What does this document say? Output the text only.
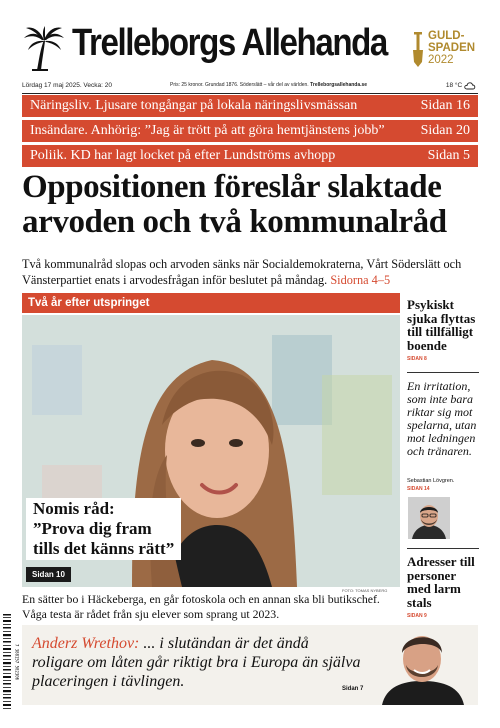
Trelleborgs Allehanda	GULD-
SPADEN
2022
Lördag 17 maj 2025. Vecka: 20	Pris: 25 kronor. Grundad 1876. Söderslätt – vår del av världen. Trelleborgsallehanda.se	18 °C
Näringsliv. Ljusare tongångar på lokala näringslivsmässan	Sidan 16
Insändare. Anhörig: ”Jag är trött på att göra hemtjänstens jobb”	Sidan 20
Poliik. KD har lagt locket på efter Lundströms avhopp	Sidan 5
Oppositionen föreslår slaktade arvoden och två kommunalråd

Två kommunalråd slopas och arvoden sänks när Socialdemokraterna, Vårt Söderslätt och Vänsterpartiet enats i arvodesfrågan inför beslutet på måndag. Sidorna 4–5

Två år efter utspringet
Nomis råd:
”Prova dig fram
tills det känns rätt”
Sidan 10
FOTO: TOMAS NYBERG

En sätter bo i Häckeberga, en går fotoskola och en annan ska bli butikschef. Våga testa är rådet från sju elever som sprang ut 2023.

Psykiskt sjuka flyttas till tillfälligt boende
SIDAN 8
En irritation, som inte bara riktar sig mot spelarna, utan mot ledningen och tränaren.
Sebastian Lövgren.
SIDAN 14
Adresser till personer med larm stals
SIDAN 9
7 388157 502306

Anderz Wrethov: ... i slutändan är det ändå roligare om låten går riktigt bra i Europa än själva placeringen i tävlingen.	Sidan 7
